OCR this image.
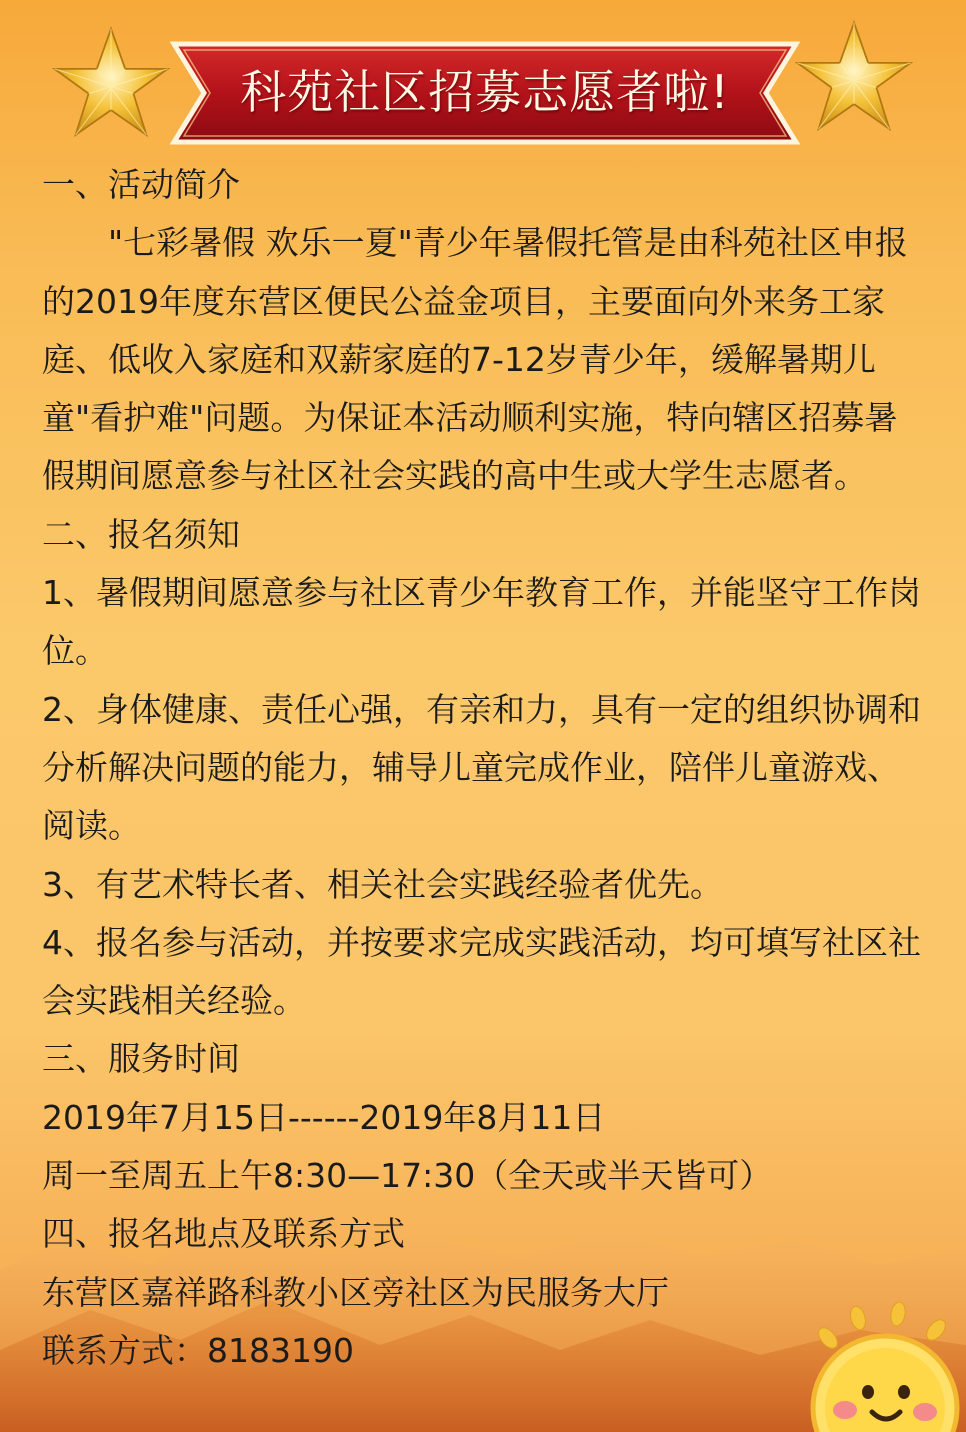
科苑社区招募志愿者啦!

一、活动简介

"七彩暑假 欢乐一夏"青少年暑假托管是由科苑社区申报的2019年度东营区便民公益金项目，主要面向外来务工家庭、低收入家庭和双薪家庭的7-12岁青少年，缓解暑期儿童"看护难"问题。为保证本活动顺利实施，特向辖区招募暑假期间愿意参与社区社会实践的高中生或大学生志愿者。

二、报名须知

1、暑假期间愿意参与社区青少年教育工作，并能坚守工作岗位。

2、身体健康、责任心强，有亲和力，具有一定的组织协调和分析解决问题的能力，辅导儿童完成作业，陪伴儿童游戏、阅读。

3、有艺术特长者、相关社会实践经验者优先。

4、报名参与活动，并按要求完成实践活动，均可填写社区社会实践相关经验。

三、服务时间

2019年7月15日------2019年8月11日

周一至周五上午8:30—17:30（全天或半天皆可）

四、报名地点及联系方式

东营区嘉祥路科教小区旁社区为民服务大厅

联系方式：8183190
